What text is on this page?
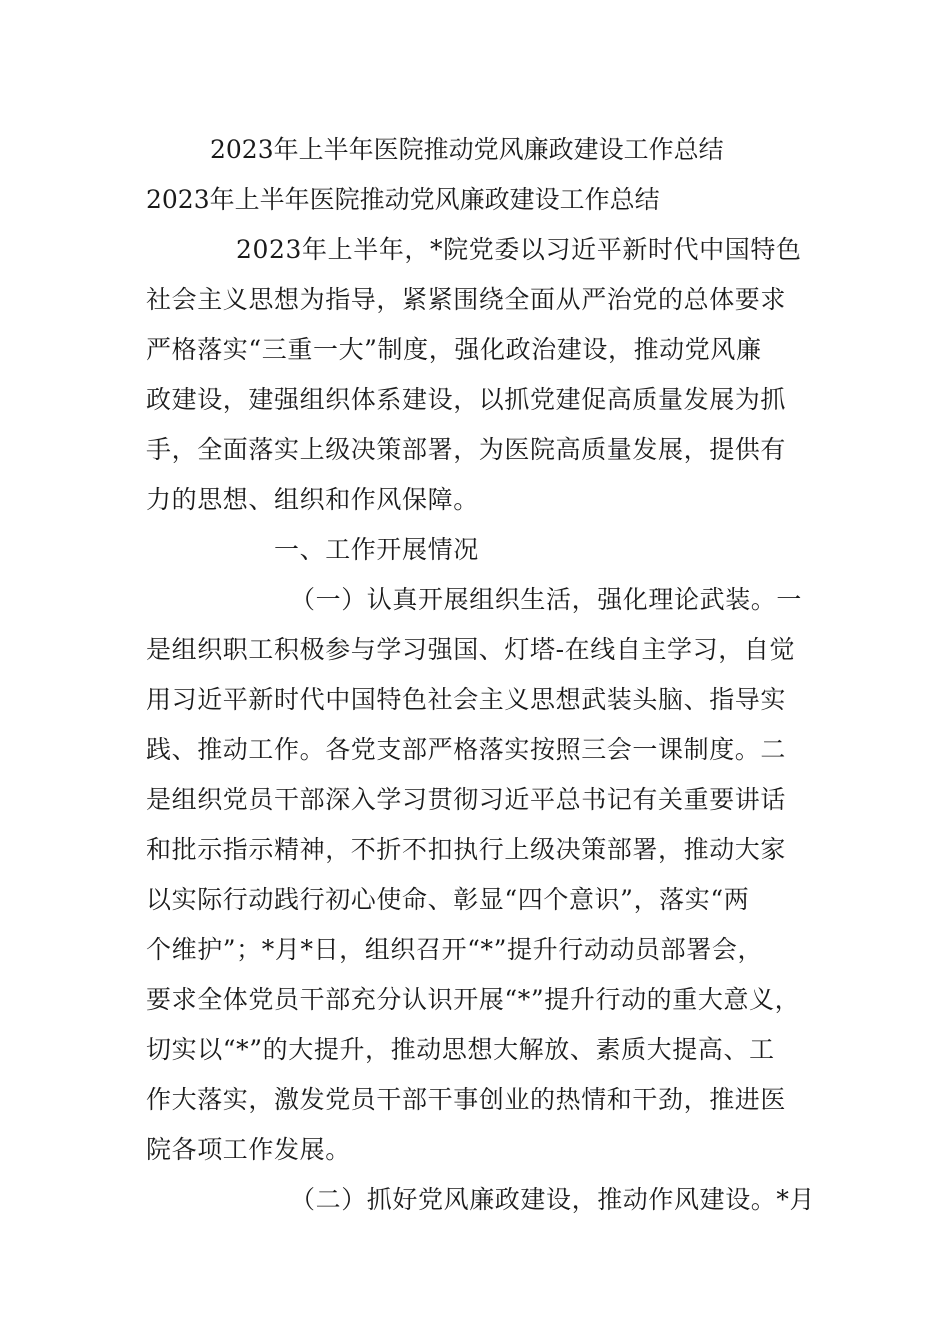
2023年上半年医院推动党风廉政建设工作总结
2023年上半年医院推动党风廉政建设工作总结
2023年上半年，*院党委以习近平新时代中国特色
社会主义思想为指导，紧紧围绕全面从严治党的总体要求
严格落实“三重一大”制度，强化政治建设，推动党风廉
政建设，建强组织体系建设，以抓党建促高质量发展为抓
手，全面落实上级决策部署，为医院高质量发展，提供有
力的思想、组织和作风保障。
一、工作开展情况
（一）认真开展组织生活，强化理论武装。一
是组织职工积极参与学习强国、灯塔-在线自主学习，自觉
用习近平新时代中国特色社会主义思想武装头脑、指导实
践、推动工作。各党支部严格落实按照三会一课制度。二
是组织党员干部深入学习贯彻习近平总书记有关重要讲话
和批示指示精神，不折不扣执行上级决策部署，推动大家
以实际行动践行初心使命、彰显“四个意识”，落实“两
个维护”；*月*日，组织召开“*”提升行动动员部署会，
要求全体党员干部充分认识开展“*”提升行动的重大意义，
切实以“*”的大提升，推动思想大解放、素质大提高、工
作大落实，激发党员干部干事创业的热情和干劲，推进医
院各项工作发展。
（二）抓好党风廉政建设，推动作风建设。*月
